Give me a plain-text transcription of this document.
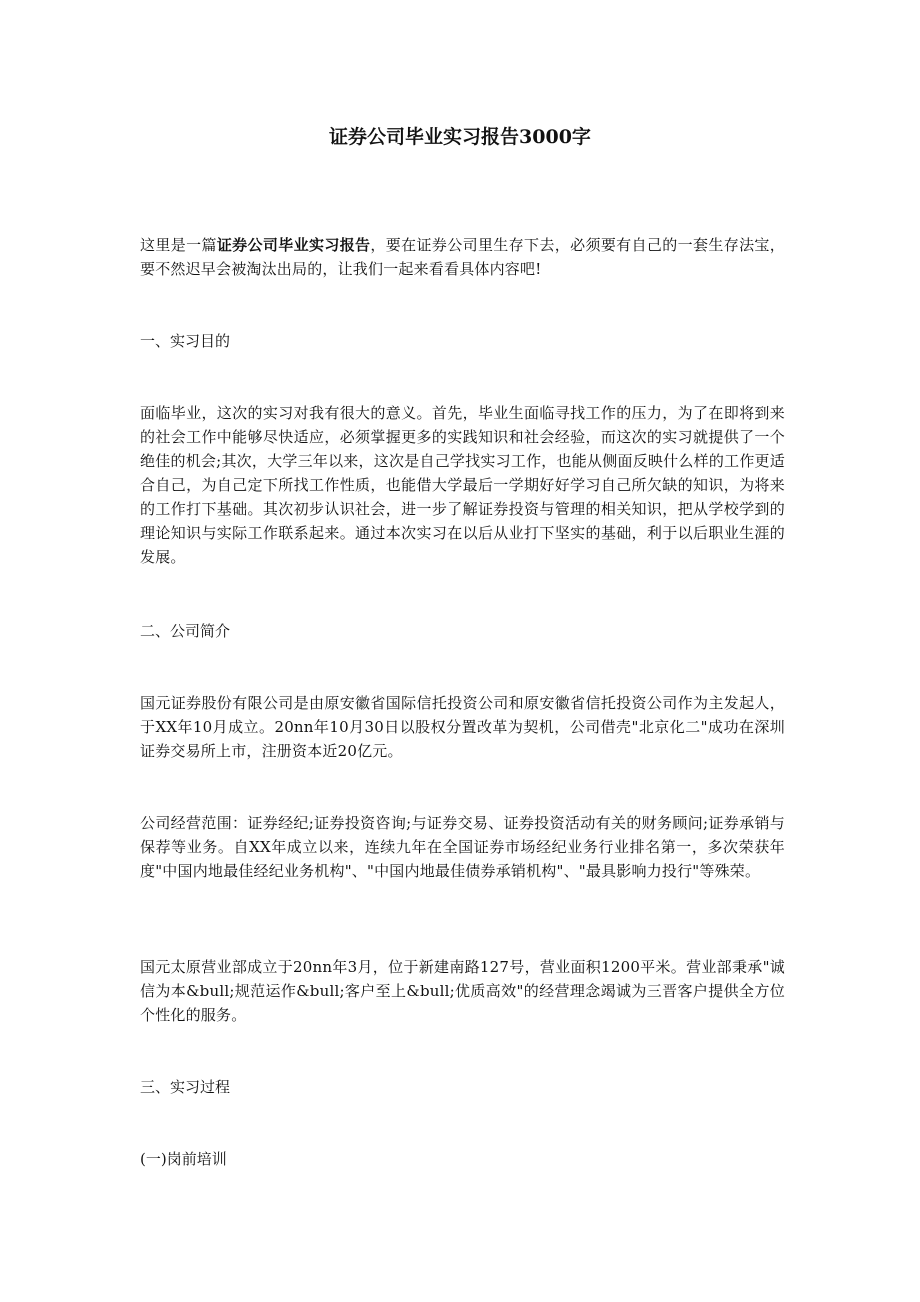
证券公司毕业实习报告3000字

这里是一篇证券公司毕业实习报告，要在证券公司里生存下去，必须要有自己的一套生存法宝，要不然迟早会被淘汰出局的，让我们一起来看看具体内容吧!

一、实习目的

面临毕业，这次的实习对我有很大的意义。首先，毕业生面临寻找工作的压力，为了在即将到来的社会工作中能够尽快适应，必须掌握更多的实践知识和社会经验，而这次的实习就提供了一个绝佳的机会;其次，大学三年以来，这次是自己学找实习工作，也能从侧面反映什么样的工作更适合自己，为自己定下所找工作性质，也能借大学最后一学期好好学习自己所欠缺的知识，为将来的工作打下基础。其次初步认识社会，进一步了解证券投资与管理的相关知识，把从学校学到的理论知识与实际工作联系起来。通过本次实习在以后从业打下坚实的基础，利于以后职业生涯的发展。

二、公司简介

国元证券股份有限公司是由原安徽省国际信托投资公司和原安徽省信托投资公司作为主发起人，于XX年10月成立。20nn年10月30日以股权分置改革为契机，公司借壳"北京化二"成功在深圳证券交易所上市，注册资本近20亿元。

公司经营范围：证券经纪;证券投资咨询;与证券交易、证券投资活动有关的财务顾问;证券承销与保荐等业务。自XX年成立以来，连续九年在全国证券市场经纪业务行业排名第一，多次荣获年度"中国内地最佳经纪业务机构"、"中国内地最佳债券承销机构"、"最具影响力投行"等殊荣。

国元太原营业部成立于20nn年3月，位于新建南路127号，营业面积1200平米。营业部秉承"诚信为本&bull;规范运作&bull;客户至上&bull;优质高效"的经营理念竭诚为三晋客户提供全方位个性化的服务。

三、实习过程
(一)岗前培训
